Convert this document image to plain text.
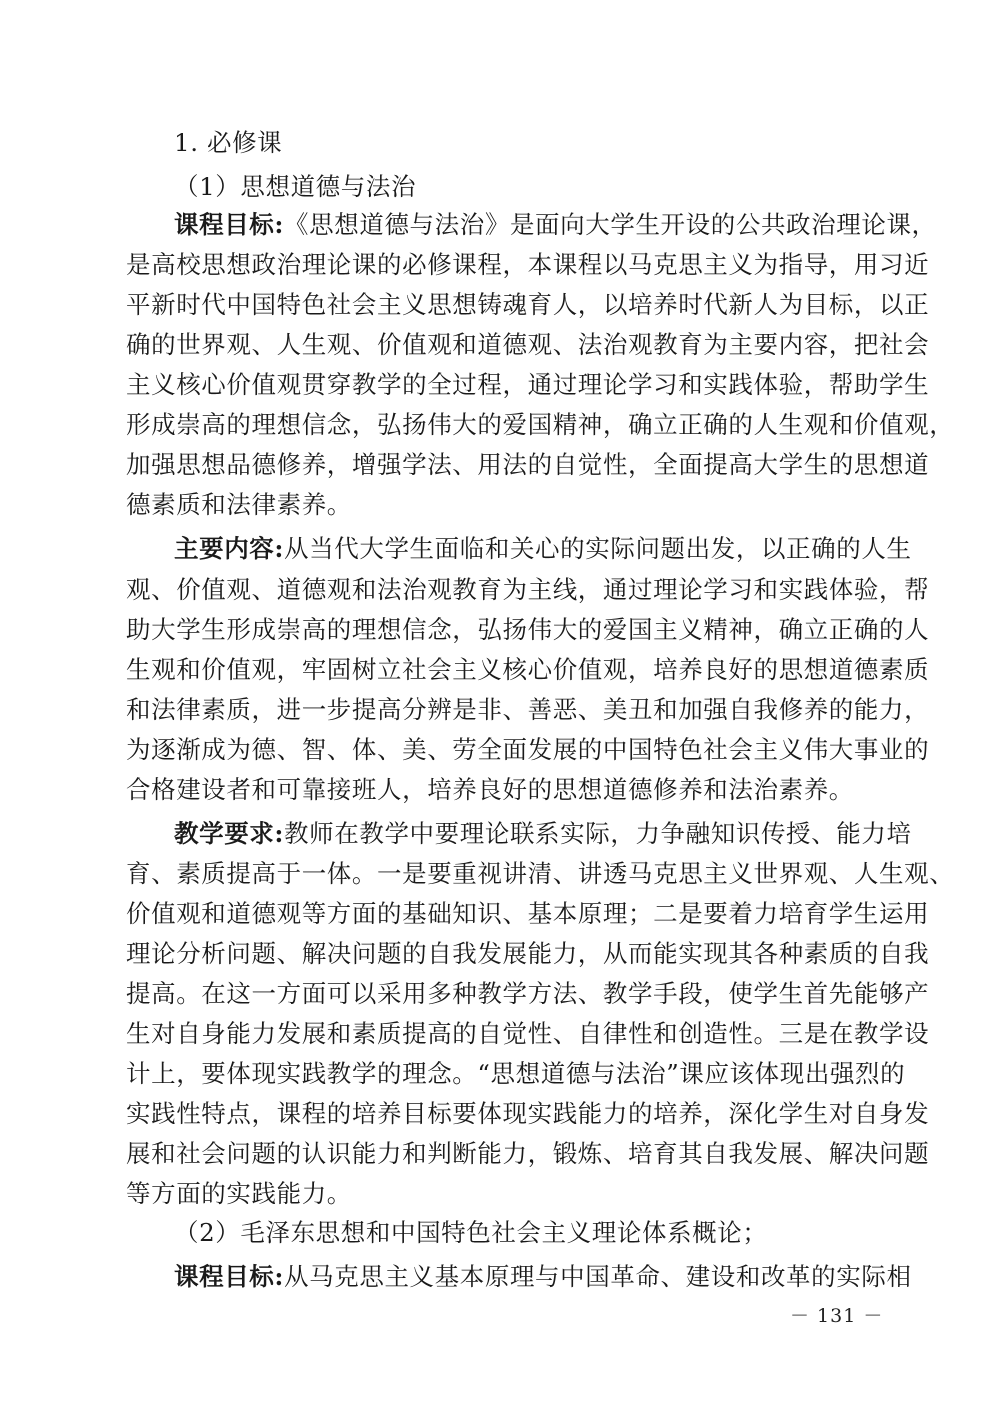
1. 必修课
（1）思想道德与法治
课程目标:《思想道德与法治》是面向大学生开设的公共政治理论课，
是高校思想政治理论课的必修课程，本课程以马克思主义为指导，用习近
平新时代中国特色社会主义思想铸魂育人，以培养时代新人为目标，以正
确的世界观、人生观、价值观和道德观、法治观教育为主要内容，把社会
主义核心价值观贯穿教学的全过程，通过理论学习和实践体验，帮助学生
形成崇高的理想信念，弘扬伟大的爱国精神，确立正确的人生观和价值观，
加强思想品德修养，增强学法、用法的自觉性，全面提高大学生的思想道
德素质和法律素养。
主要内容:从当代大学生面临和关心的实际问题出发，以正确的人生
观、价值观、道德观和法治观教育为主线，通过理论学习和实践体验，帮
助大学生形成崇高的理想信念，弘扬伟大的爱国主义精神，确立正确的人
生观和价值观，牢固树立社会主义核心价值观，培养良好的思想道德素质
和法律素质，进一步提高分辨是非、善恶、美丑和加强自我修养的能力，
为逐渐成为德、智、体、美、劳全面发展的中国特色社会主义伟大事业的
合格建设者和可靠接班人，培养良好的思想道德修养和法治素养。
教学要求:教师在教学中要理论联系实际，力争融知识传授、能力培
育、素质提高于一体。一是要重视讲清、讲透马克思主义世界观、人生观、
价值观和道德观等方面的基础知识、基本原理；二是要着力培育学生运用
理论分析问题、解决问题的自我发展能力，从而能实现其各种素质的自我
提高。在这一方面可以采用多种教学方法、教学手段，使学生首先能够产
生对自身能力发展和素质提高的自觉性、自律性和创造性。三是在教学设
计上，要体现实践教学的理念。“思想道德与法治”课应该体现出强烈的
实践性特点，课程的培养目标要体现实践能力的培养，深化学生对自身发
展和社会问题的认识能力和判断能力，锻炼、培育其自我发展、解决问题
等方面的实践能力。
（2）毛泽东思想和中国特色社会主义理论体系概论；
课程目标:从马克思主义基本原理与中国革命、建设和改革的实际相
－ 131 －
